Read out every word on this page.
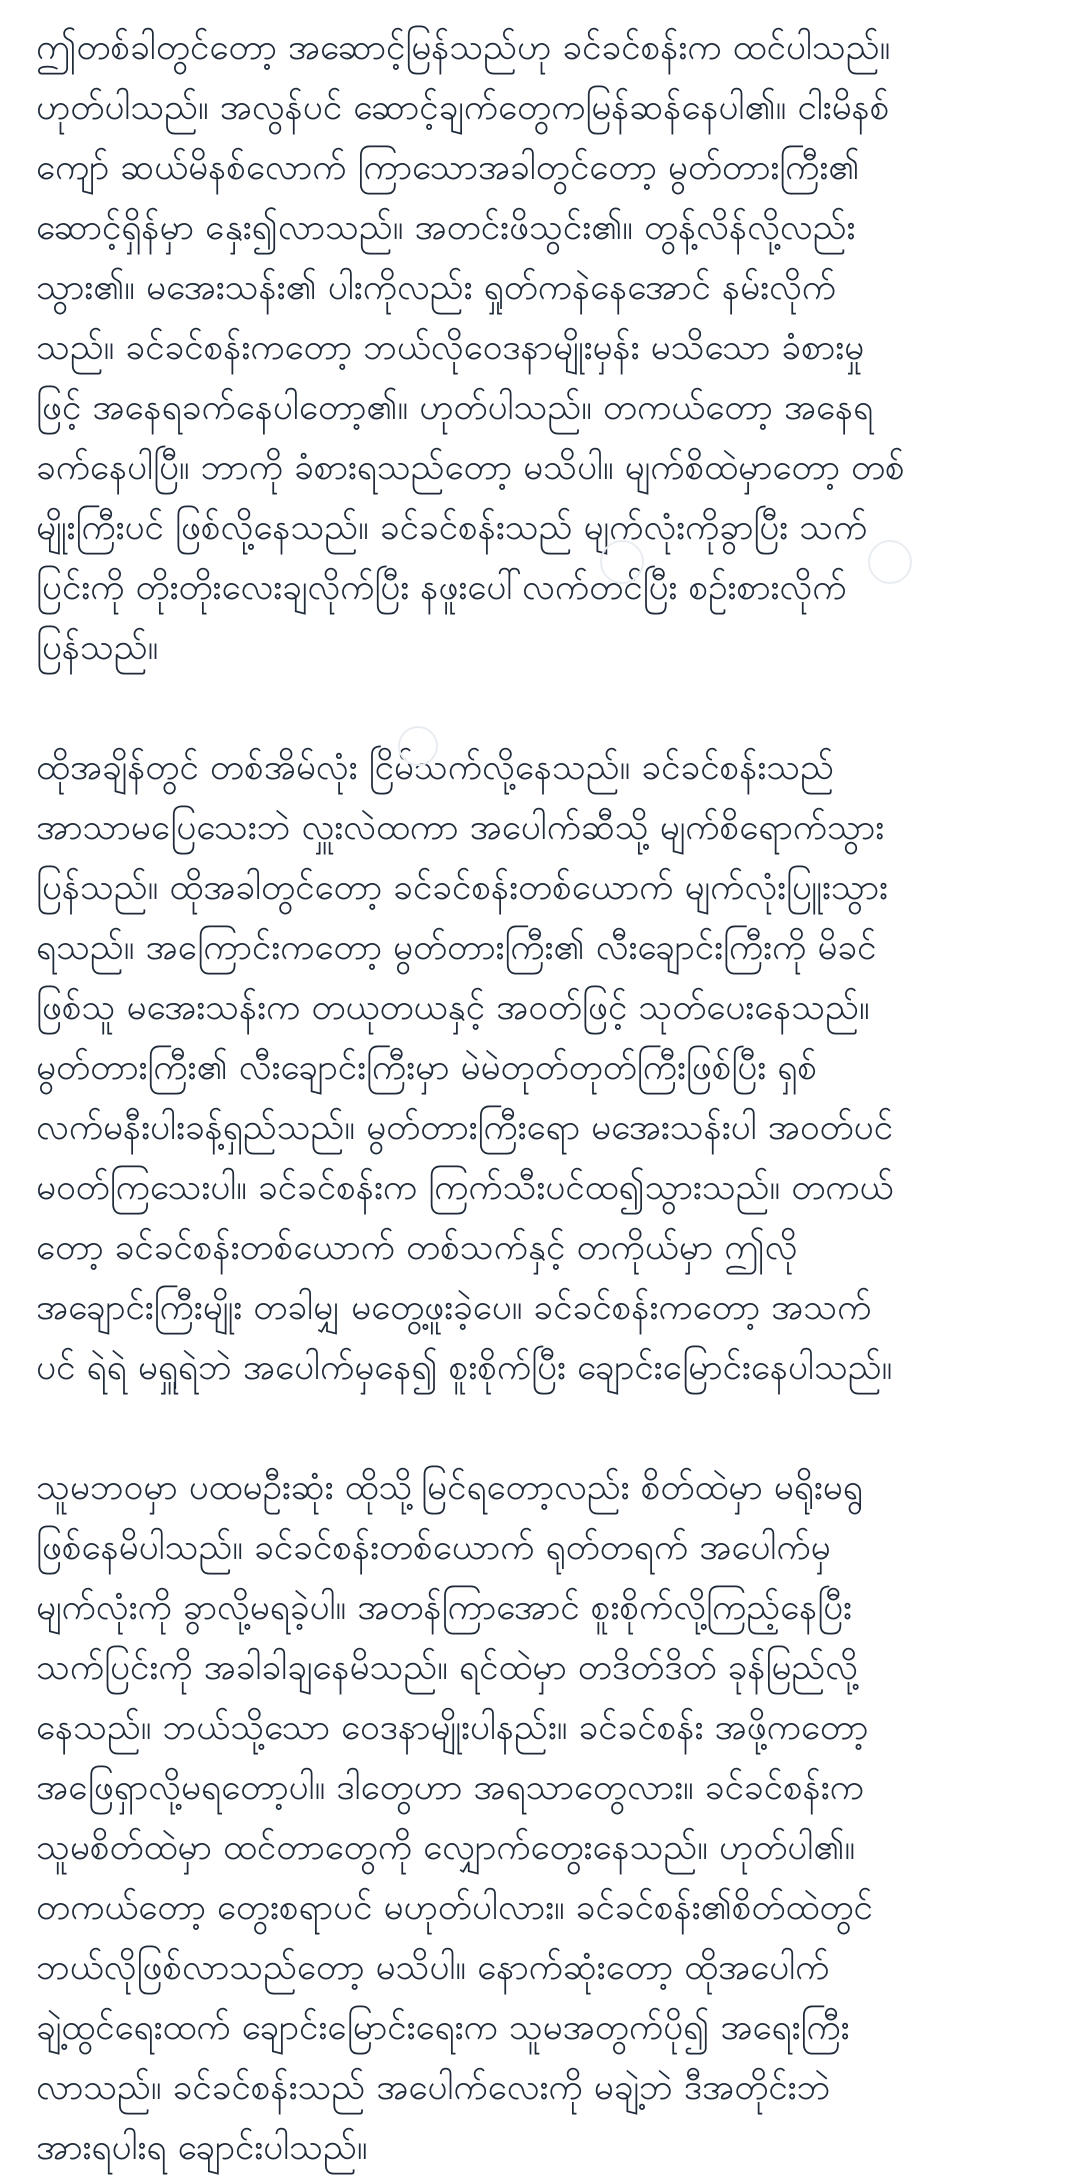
ဤတစ်ခါတွင်တော့ အဆောင့်မြန်သည်ဟု ခင်ခင်စန်းက ထင်ပါသည်။
ဟုတ်ပါသည်။ အလွန်ပင် ဆောင့်ချက်တွေကမြန်ဆန်နေပါ၏။ ငါးမိနစ်
ကျော် ဆယ်မိနစ်လောက် ကြာသောအခါတွင်တော့ မွတ်တားကြီး၏
ဆောင့်ရှိန်မှာ နှေး၍လာသည်။ အတင်းဖိသွင်း၏။ တွန့်လိန်လို့လည်း
သွား၏။ မအေးသန်း၏ ပါးကိုလည်း ရှုတ်ကနဲနေအောင် နမ်းလိုက်
သည်။ ခင်ခင်စန်းကတော့ ဘယ်လိုဝေဒနာမျိုးမှန်း မသိသော ခံစားမှု
ဖြင့် အနေရခက်နေပါတော့၏။ ဟုတ်ပါသည်။ တကယ်တော့ အနေရ
ခက်နေပါပြီ။ ဘာကို ခံစားရသည်တော့ မသိပါ။ မျက်စိထဲမှာတော့ တစ်
မျိုးကြီးပင် ဖြစ်လို့နေသည်။ ခင်ခင်စန်းသည် မျက်လုံးကိုခွာပြီး သက်
ပြင်းကို တိုးတိုးလေးချလိုက်ပြီး နဖူးပေါ်လက်တင်ပြီး စဉ်းစားလိုက်
ပြန်သည်။
ထိုအချိန်တွင် တစ်အိမ်လုံး ငြိမ်သက်လို့နေသည်။ ခင်ခင်စန်းသည်
အာသာမပြေသေးဘဲ လှူးလဲထကာ အပေါက်ဆီသို့ မျက်စိရောက်သွား
ပြန်သည်။ ထိုအခါတွင်တော့ ခင်ခင်စန်းတစ်ယောက် မျက်လုံးပြူးသွား
ရသည်။ အကြောင်းကတော့ မွတ်တားကြီး၏ လီးချောင်းကြီးကို မိခင်
ဖြစ်သူ မအေးသန်းက တယုတယနှင့် အဝတ်ဖြင့် သုတ်ပေးနေသည်။
မွတ်တားကြီး၏ လီးချောင်းကြီးမှာ မဲမဲတုတ်တုတ်ကြီးဖြစ်ပြီး ရှစ်
လက်မနီးပါးခန့်ရှည်သည်။ မွတ်တားကြီးရော မအေးသန်းပါ အဝတ်ပင်
မဝတ်ကြသေးပါ။ ခင်ခင်စန်းက ကြက်သီးပင်ထ၍သွားသည်။ တကယ်
တော့ ခင်ခင်စန်းတစ်ယောက် တစ်သက်နှင့် တကိုယ်မှာ ဤလို
အချောင်းကြီးမျိုး တခါမျှ မတွေ့ဖူးခဲ့ပေ။ ခင်ခင်စန်းကတော့ အသက်
ပင် ရဲရဲ မရှူရဲဘဲ အပေါက်မှနေ၍ စူးစိုက်ပြီး ချောင်းမြောင်းနေပါသည်။
သူမဘဝမှာ ပထမဦးဆုံး ထိုသို့မြင်ရတော့လည်း စိတ်ထဲမှာ မရိုးမရွ
ဖြစ်နေမိပါသည်။ ခင်ခင်စန်းတစ်ယောက် ရုတ်တရက် အပေါက်မှ
မျက်လုံးကို ခွာလို့မရခဲ့ပါ။ အတန်ကြာအောင် စူးစိုက်လို့ကြည့်နေပြီး
သက်ပြင်းကို အခါခါချနေမိသည်။ ရင်ထဲမှာ တဒိတ်ဒိတ် ခုန်မြည်လို့
နေသည်။ ဘယ်သို့သော ဝေဒနာမျိုးပါနည်း။ ခင်ခင်စန်း အဖို့ကတော့
အဖြေရှာလို့မရတော့ပါ။ ဒါတွေဟာ အရသာတွေလား။ ခင်ခင်စန်းက
သူမစိတ်ထဲမှာ ထင်တာတွေကို လျှောက်တွေးနေသည်။ ဟုတ်ပါ၏။
တကယ်တော့ တွေးစရာပင် မဟုတ်ပါလား။ ခင်ခင်စန်း၏စိတ်ထဲတွင်
ဘယ်လိုဖြစ်လာသည်တော့ မသိပါ။ နောက်ဆုံးတော့ ထိုအပေါက်
ချဲ့ထွင်ရေးထက် ချောင်းမြောင်းရေးက သူမအတွက်ပို၍ အရေးကြီး
လာသည်။ ခင်ခင်စန်းသည် အပေါက်လေးကို မချဲ့ဘဲ ဒီအတိုင်းဘဲ
အားရပါးရ ချောင်းပါသည်။
